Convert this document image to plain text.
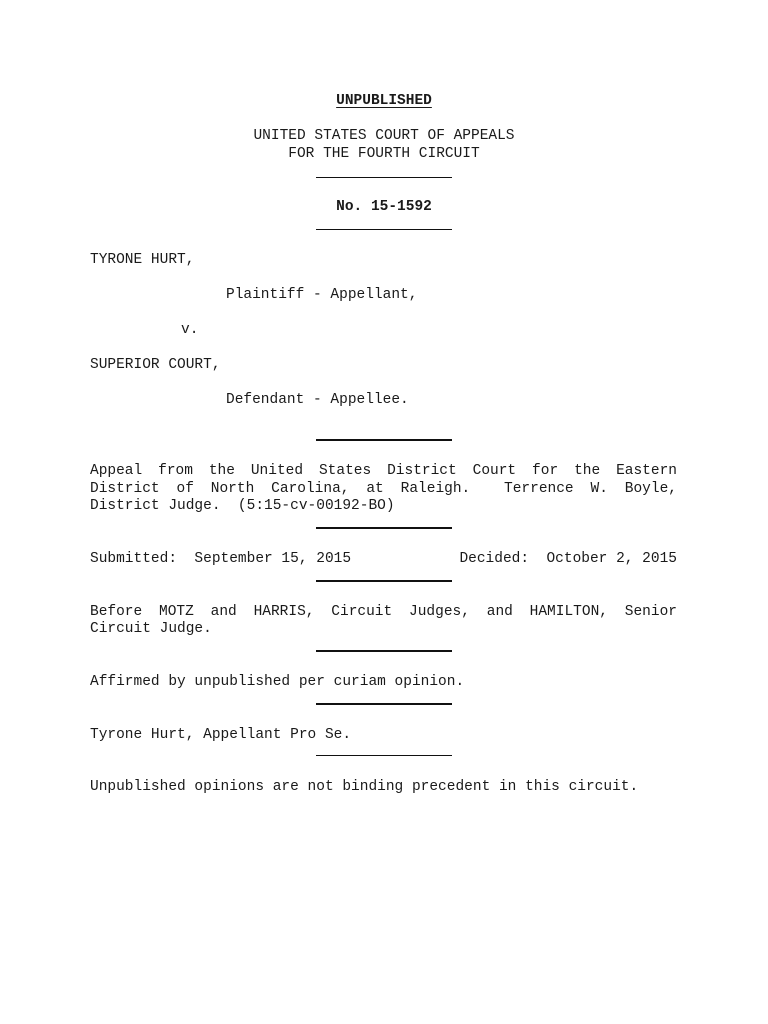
UNPUBLISHED
UNITED STATES COURT OF APPEALS
FOR THE FOURTH CIRCUIT
No. 15-1592
TYRONE HURT,
Plaintiff - Appellant,
v.
SUPERIOR COURT,
Defendant - Appellee.
Appeal from the United States District Court for the Eastern
District of North Carolina, at Raleigh.  Terrence W. Boyle,
District Judge.  (5:15-cv-00192-BO)
Submitted:  September 15, 2015	Decided:  October 2, 2015
Before MOTZ and HARRIS, Circuit Judges, and HAMILTON, Senior
Circuit Judge.
Affirmed by unpublished per curiam opinion.
Tyrone Hurt, Appellant Pro Se.
Unpublished opinions are not binding precedent in this circuit.
